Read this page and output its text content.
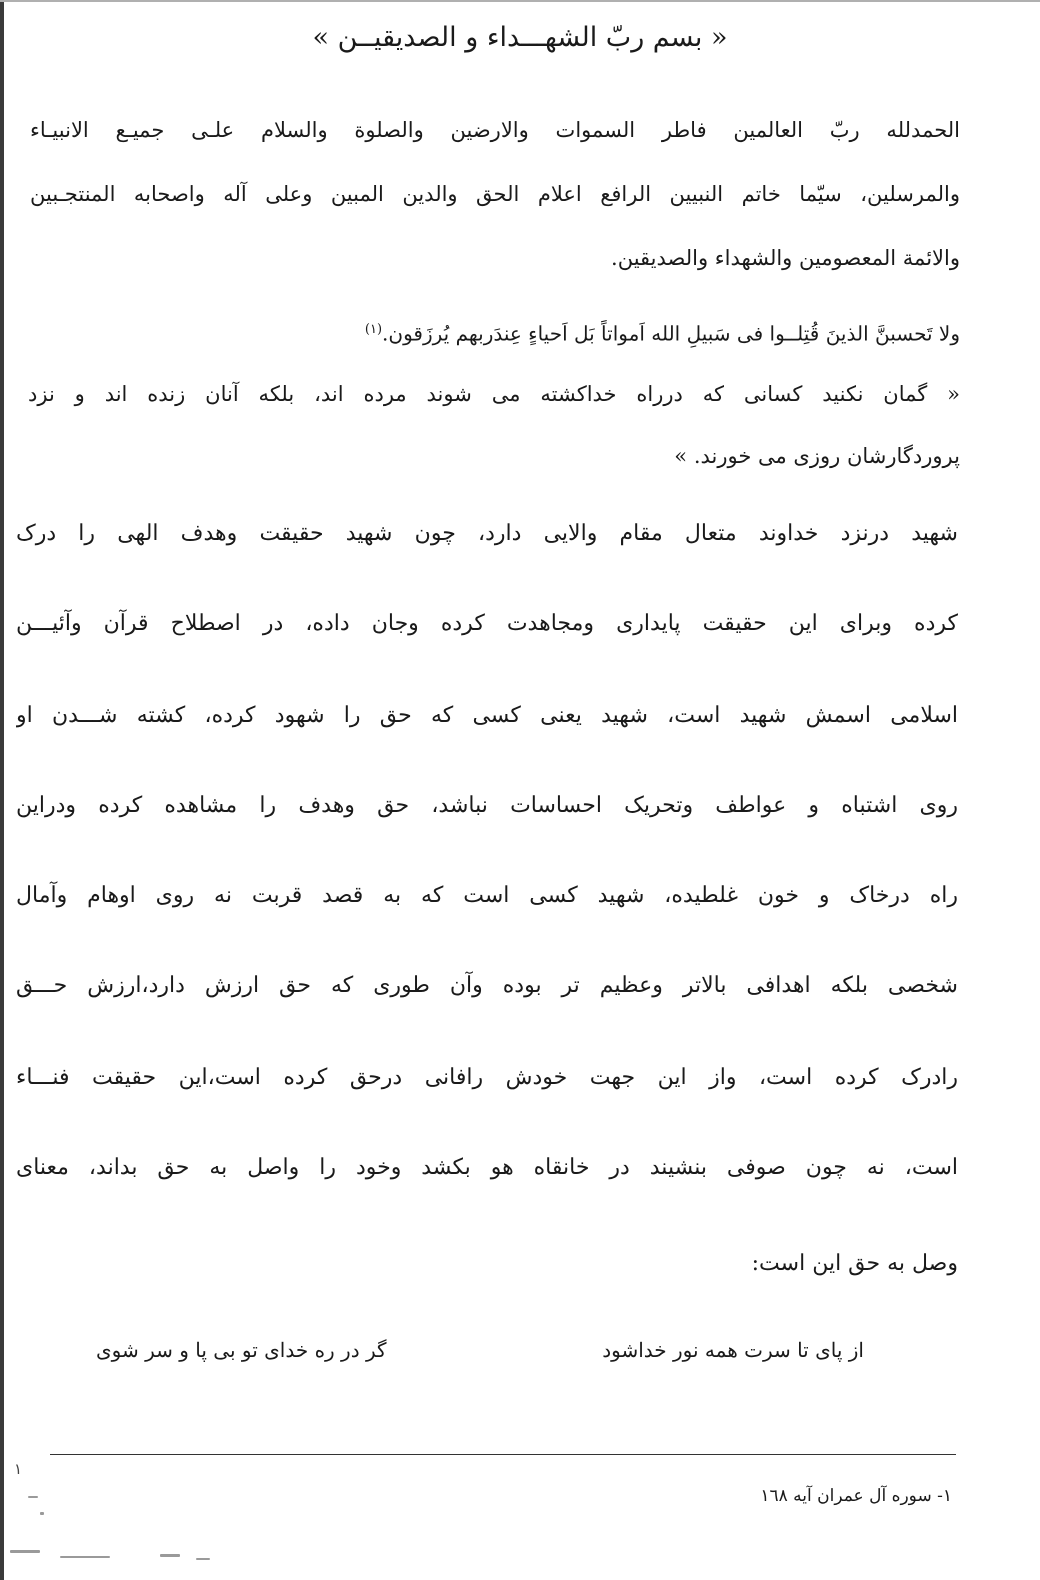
« بسم ربّ الشهـــداء و الصديقيــن »
الحمدلله ربّ العالمين فاطر السموات والارضين والصلوة والسلام علـى جميـع الانبيـاء
والمرسلين، سيّما خاتم النبيين الرافع اعلام الحق والدين المبين وعلى آله واصحابه المنتجـبين
والائمة المعصومين والشهداء والصديقين.
ولا تَحسبنَّ الذينَ قُتِلــوا فی سَبيلِ الله اَمواتاً بَل اَحياءٍ عِندَربهم يُرزَقون.$^{(١)}$
« گمان نكنيد كسانی كه درراه خداكشته می شوند مرده اند، بلكه آنان زنده اند و نزد
پروردگارشان روزی می خورند. »
شهيد درنزد خداوند متعال مقام والايی دارد، چون شهيد حقيقت وهدف الهی را درک
كرده وبرای اين حقيقت پايداری ومجاهدت كرده وجان داده، در اصطلاح قرآن وآئيـــن
اسلامی اسمش شهيد است، شهيد يعنی كسی كه حق را شهود كرده، كشته شـــدن او
روی اشتباه و عواطف وتحريک احساسات نباشد، حق وهدف را مشاهده كرده ودراين
راه درخاک و خون غلطيده، شهيد كسی است كه به قصد قربت نه روی اوهام وآمال
شخصی بلكه اهدافی بالاتر وعظيم تر بوده وآن طوری كه حق ارزش دارد،ارزش حـــق
رادرک كرده است، واز اين جهت خودش رافانی درحق كرده است،اين حقيقت فنـــاء
است، نه چون صوفی بنشيند در خانقاه هو بكشد وخود را واصل به حق بداند، معنای
وصل به حق اين است:
از پای تا سرت همه نور خداشود
گر در ره خدای تو بی پا و سر شوی
١
١- سوره آل عمران آيه ١٦٨
